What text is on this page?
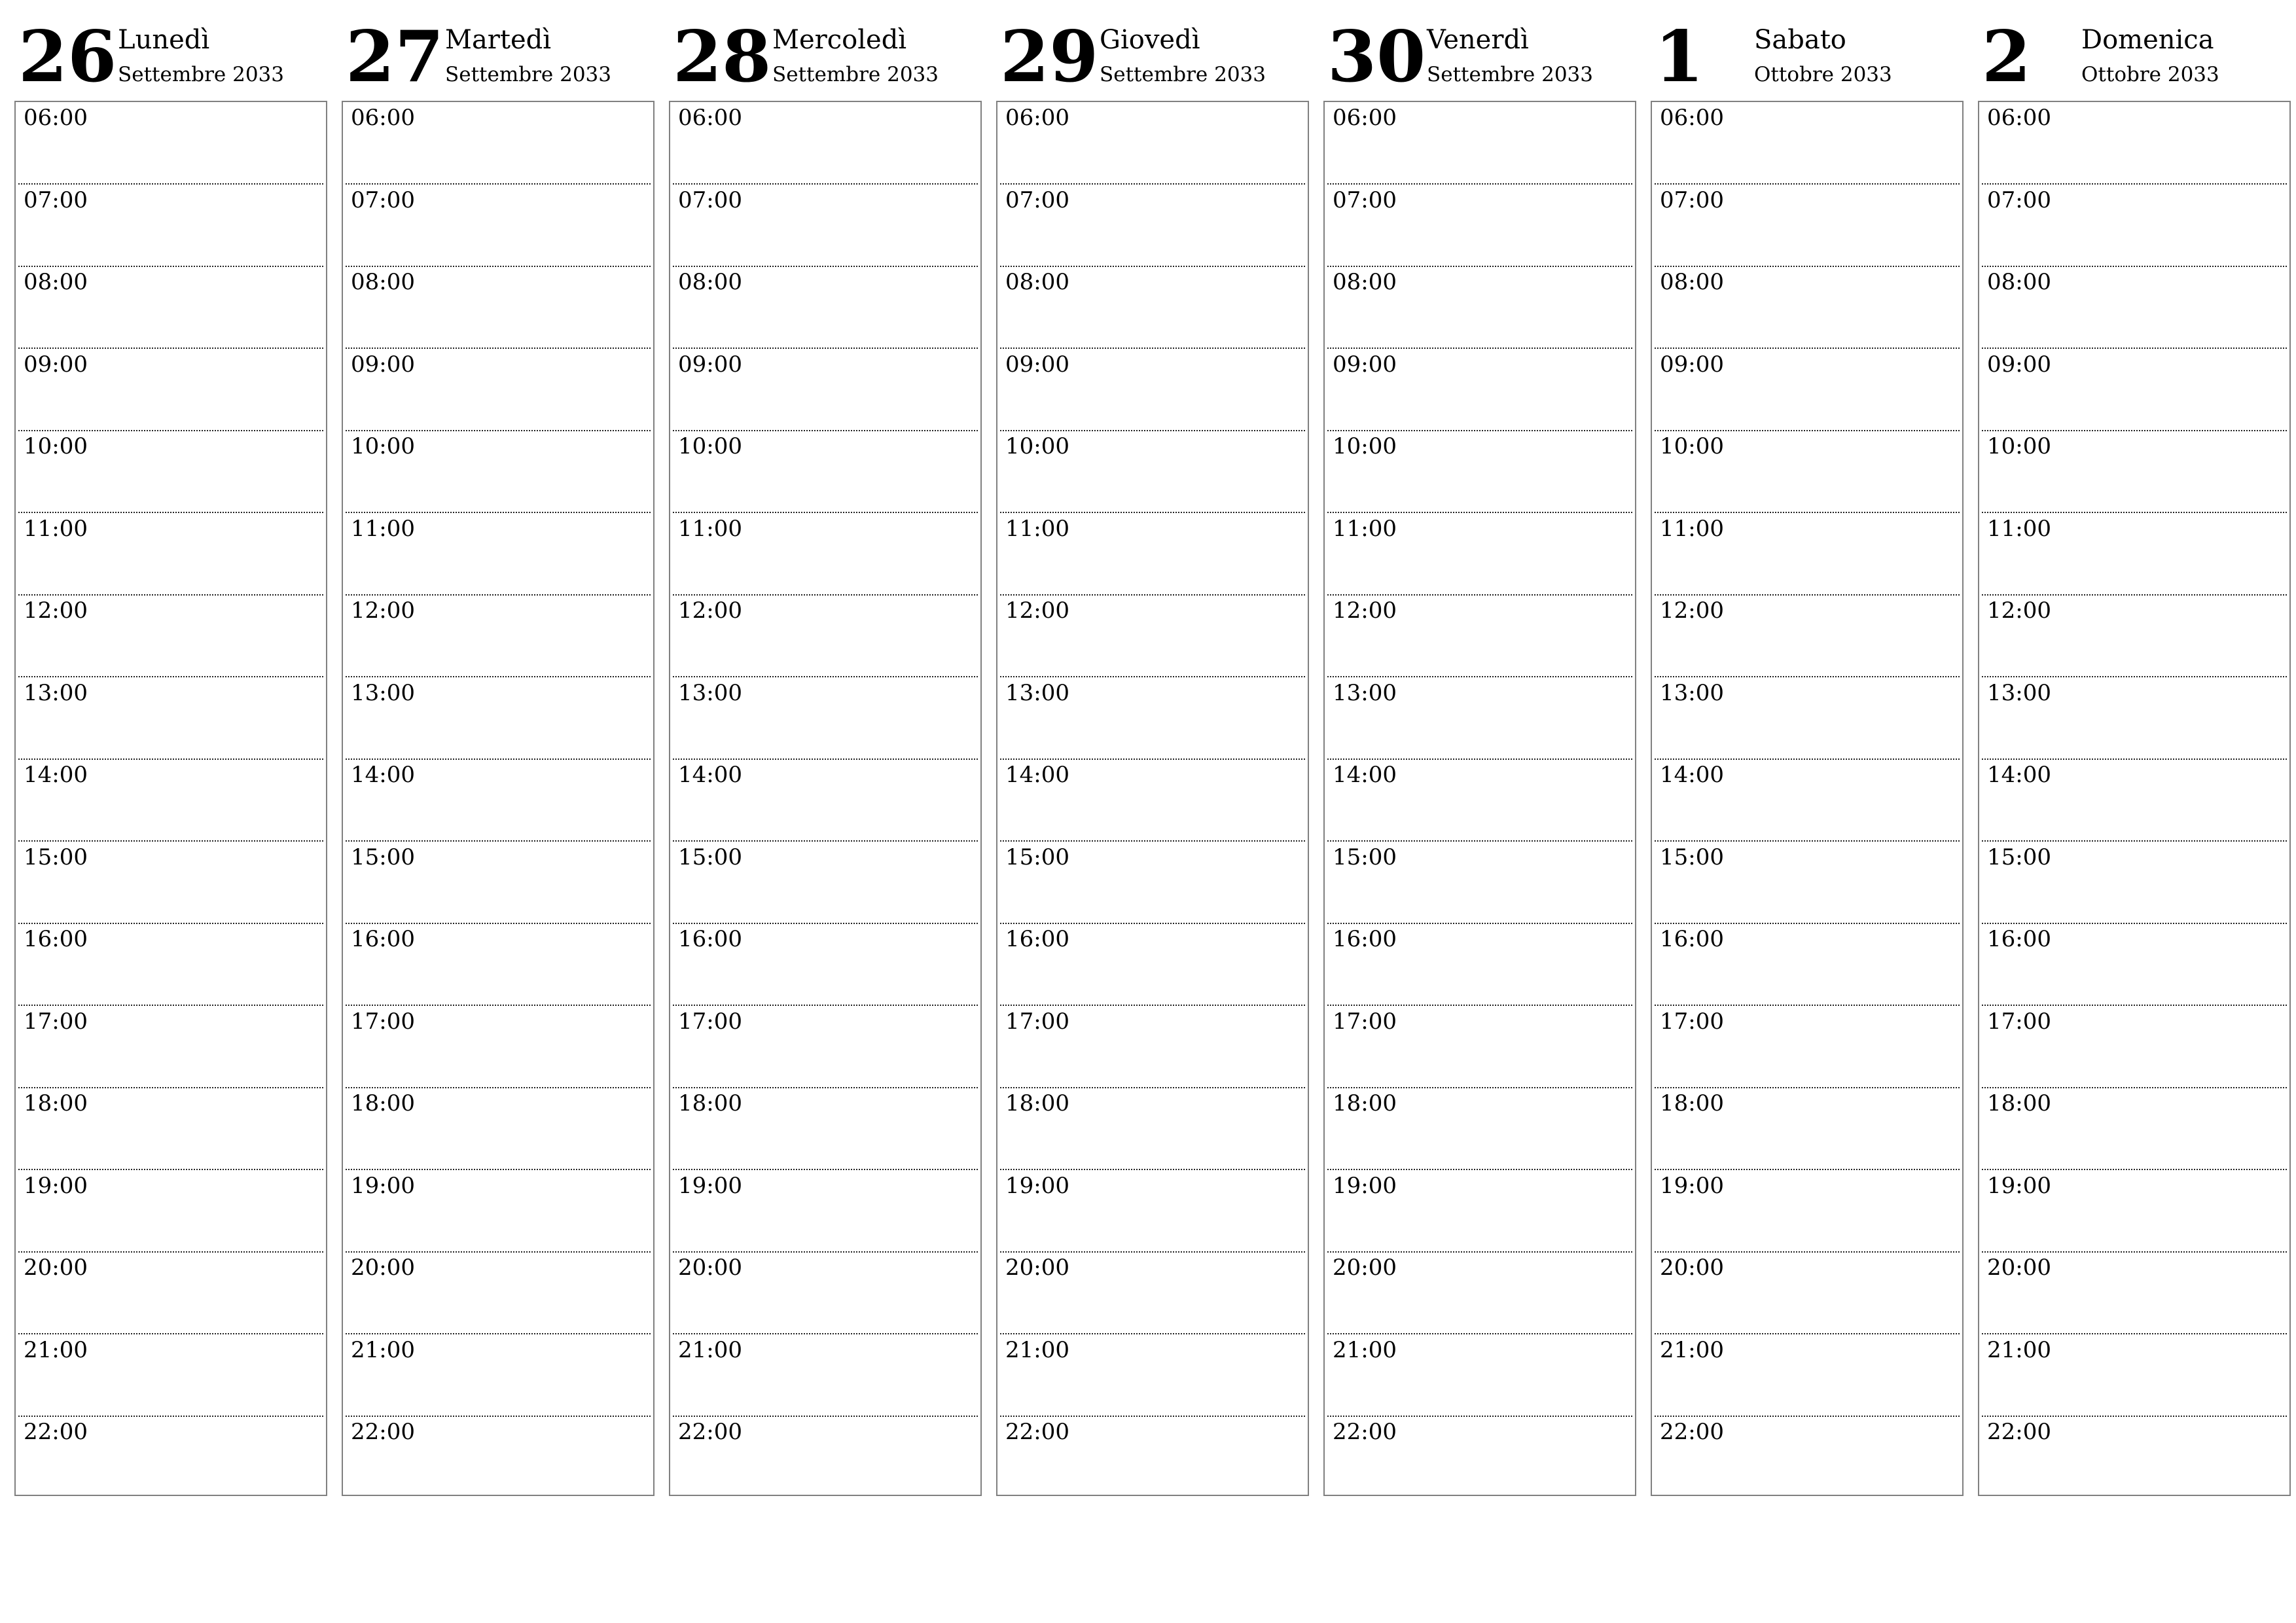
26 Lunedì
Settembre 2033
06:00
07:00
08:00
09:00
10:00
11:00
12:00
13:00
14:00
15:00
16:00
17:00
18:00
19:00
20:00
21:00
22:00
27 Martedì
Settembre 2033
06:00
07:00
08:00
09:00
10:00
11:00
12:00
13:00
14:00
15:00
16:00
17:00
18:00
19:00
20:00
21:00
22:00
28 Mercoledì
Settembre 2033
06:00
07:00
08:00
09:00
10:00
11:00
12:00
13:00
14:00
15:00
16:00
17:00
18:00
19:00
20:00
21:00
22:00
29 Giovedì
Settembre 2033
06:00
07:00
08:00
09:00
10:00
11:00
12:00
13:00
14:00
15:00
16:00
17:00
18:00
19:00
20:00
21:00
22:00
30 Venerdì
Settembre 2033
06:00
07:00
08:00
09:00
10:00
11:00
12:00
13:00
14:00
15:00
16:00
17:00
18:00
19:00
20:00
21:00
22:00
1 Sabato
Ottobre 2033
06:00
07:00
08:00
09:00
10:00
11:00
12:00
13:00
14:00
15:00
16:00
17:00
18:00
19:00
20:00
21:00
22:00
2 Domenica
Ottobre 2033
06:00
07:00
08:00
09:00
10:00
11:00
12:00
13:00
14:00
15:00
16:00
17:00
18:00
19:00
20:00
21:00
22:00
